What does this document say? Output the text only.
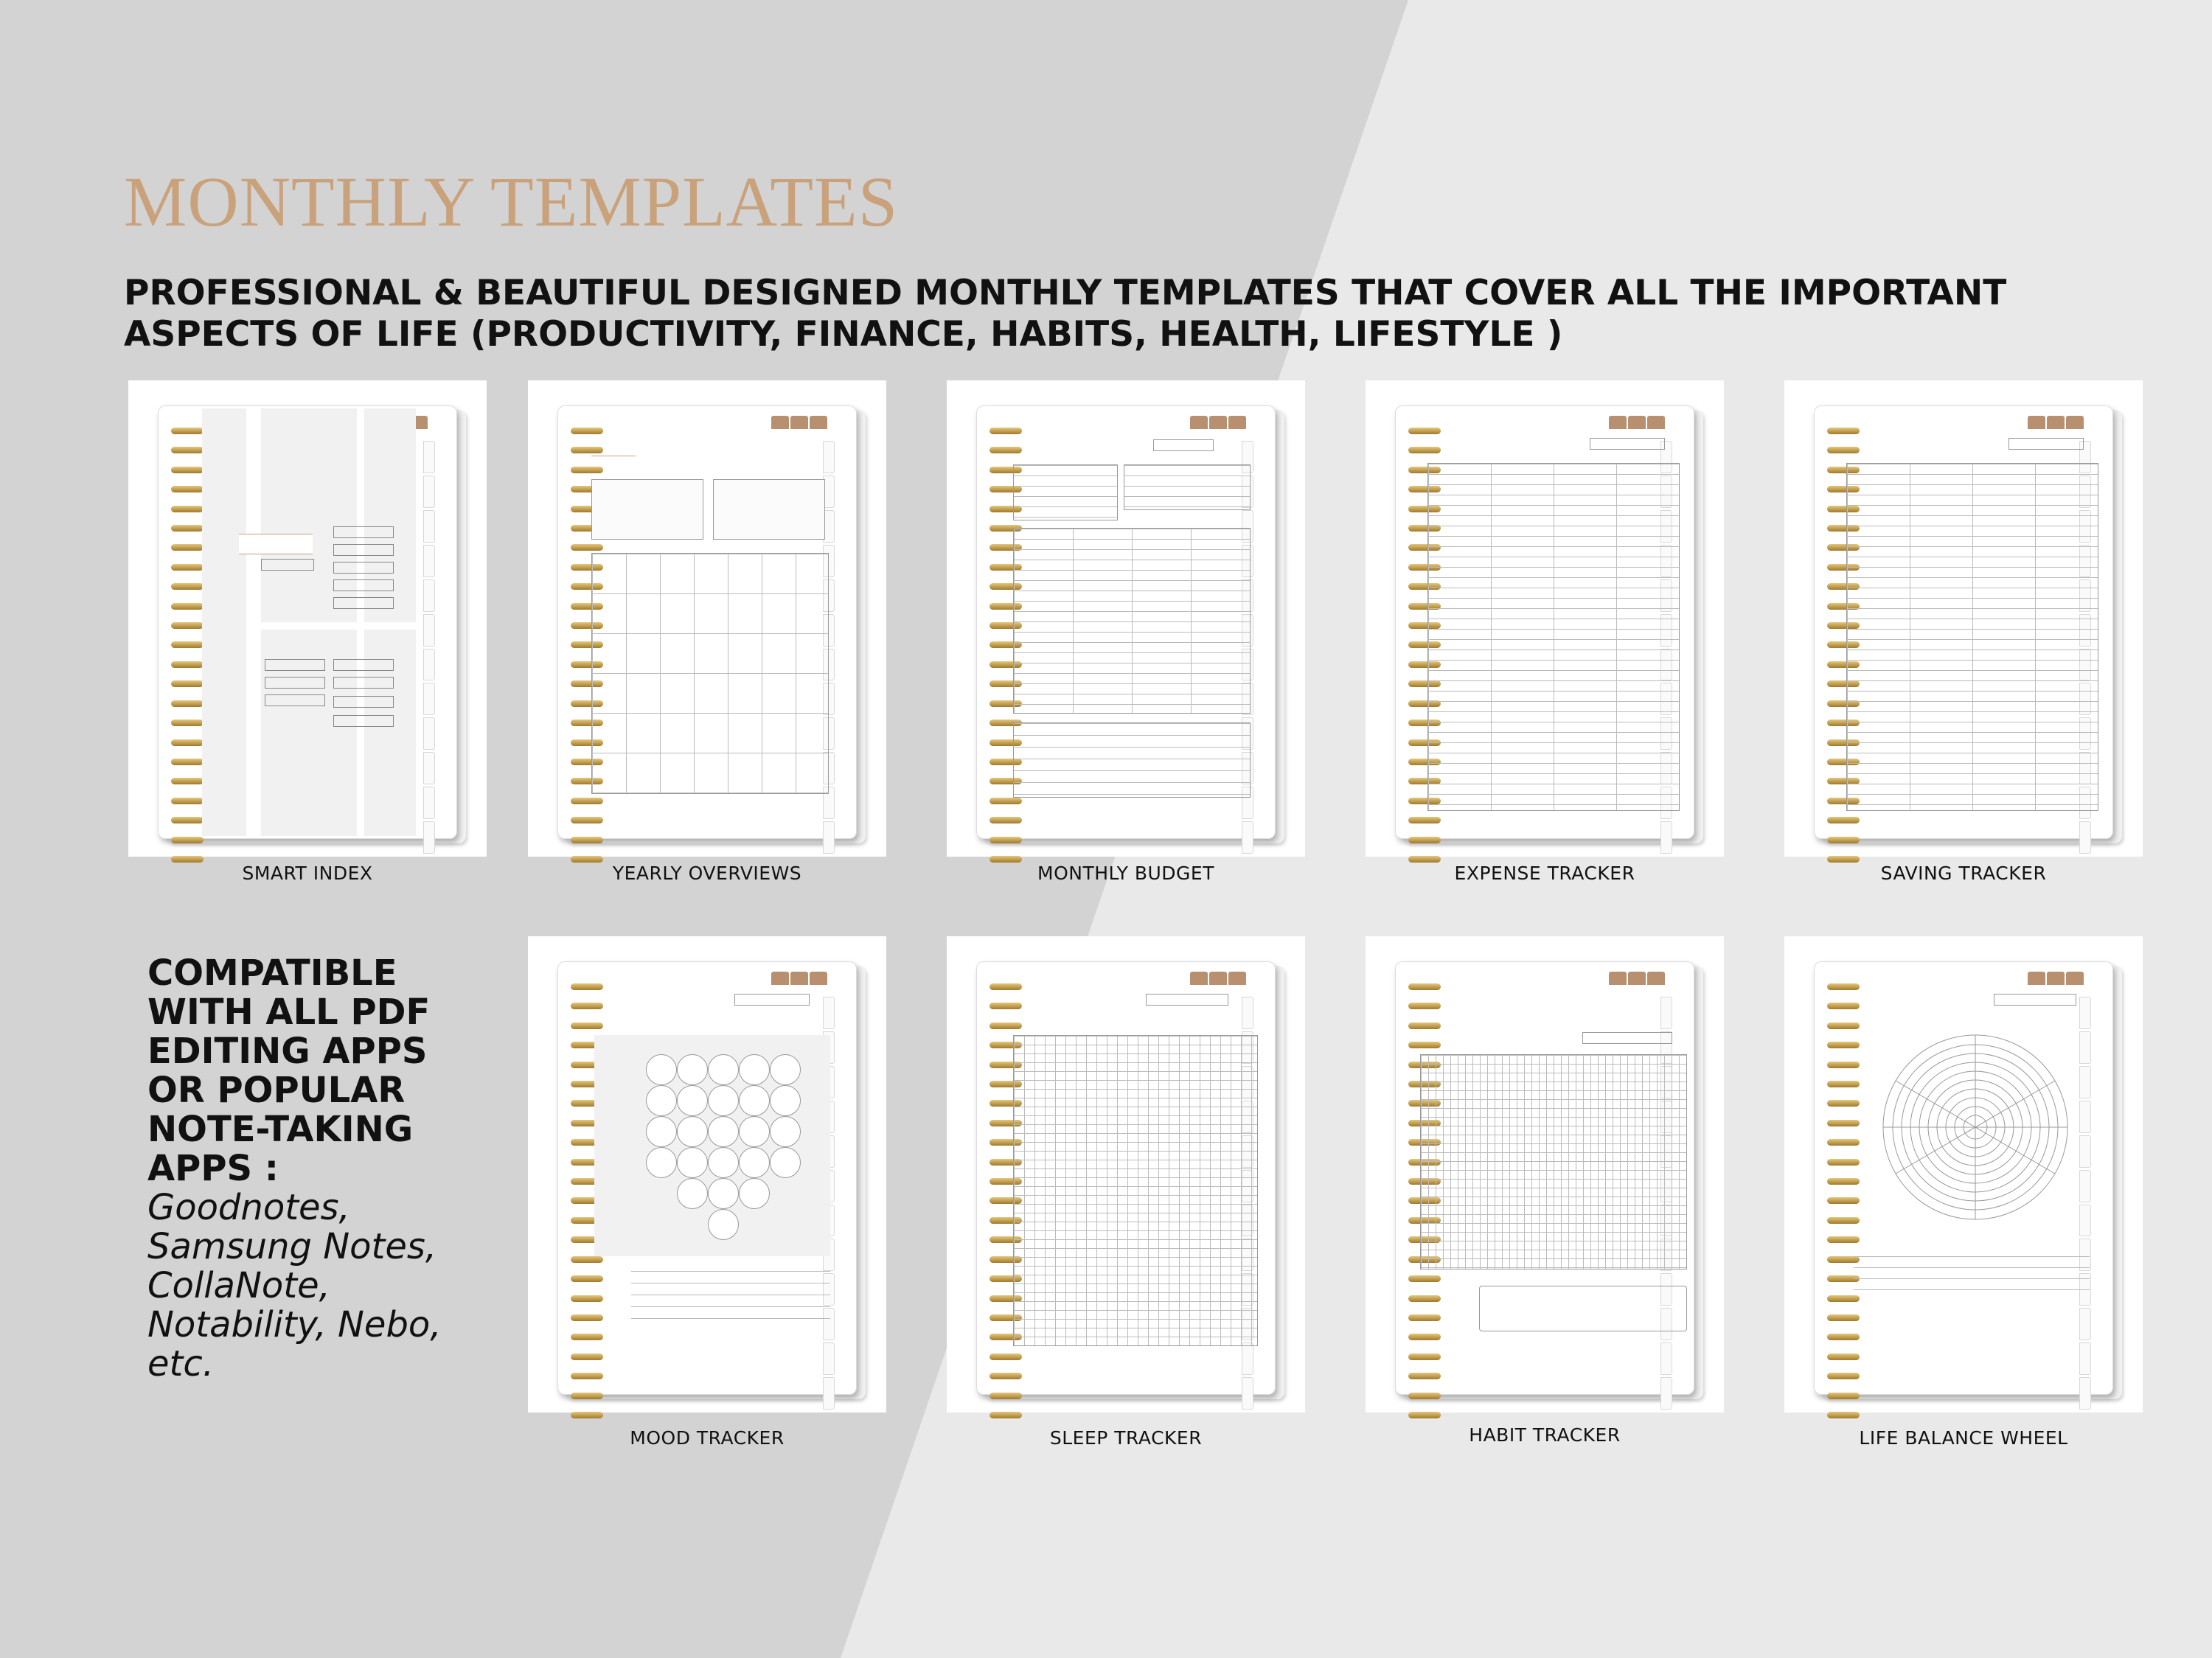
MONTHLY TEMPLATES

PROFESSIONAL & BEAUTIFUL DESIGNED MONTHLY TEMPLATES THAT COVER ALL THE IMPORTANT ASPECTS OF LIFE (PRODUCTIVITY, FINANCE, HABITS, HEALTH, LIFESTYLE )

COMPATIBLE
WITH ALL PDF
EDITING APPS
OR POPULAR
NOTE-TAKING
APPS :
Goodnotes,
Samsung Notes,
CollaNote,
Notability, Nebo,
etc.
SMART INDEX	YEARLY OVERVIEWS	MONTHLY BUDGET	EXPENSE TRACKER	SAVING TRACKER
MOOD TRACKER	SLEEP TRACKER	HABIT TRACKER	LIFE BALANCE WHEEL
